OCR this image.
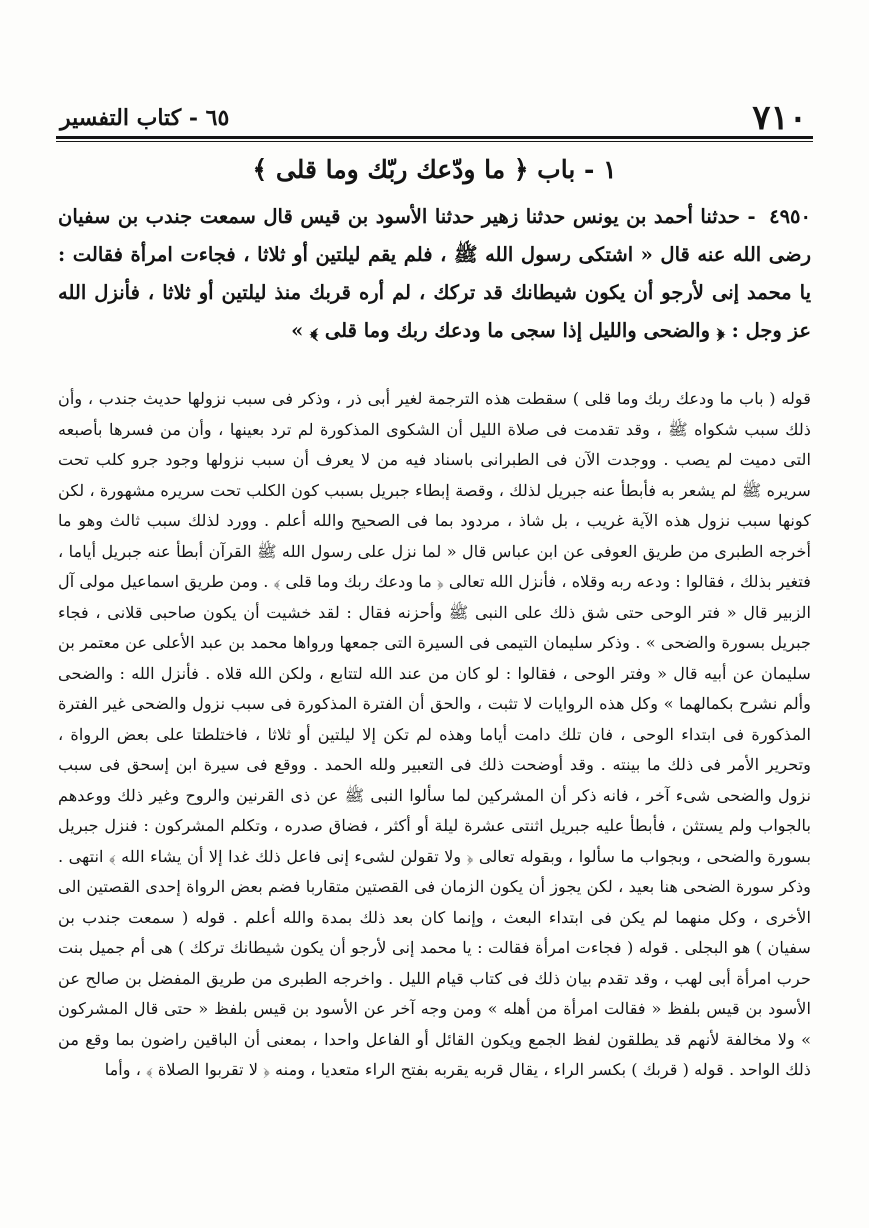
٧١٠
٦٥ - كتاب التفسير
١ - باب ﴿ ما ودّعك ربّك وما قلى ﴾
٤٩٥٠ - حدثنا أحمد بن يونس حدثنا زهير حدثنا الأسود بن قيس قال سمعت جندب بن سفيان رضى الله عنه قال « اشتكى رسول الله ﷺ ، فلم يقم ليلتين أو ثلاثا ، فجاءت امرأة فقالت : يا محمد إنى لأرجو أن يكون شيطانك قد تركك ، لم أره قربك منذ ليلتين أو ثلاثا ، فأنزل الله عز وجل : ﴿ والضحى والليل إذا سجى ما ودعك ربك وما قلى ﴾ »

قوله ( باب ما ودعك ربك وما قلى ) سقطت هذه الترجمة لغير أبى ذر ، وذكر فى سبب نزولها حديث جندب ، وأن ذلك سبب شكواه ﷺ ، وقد تقدمت فى صلاة الليل أن الشكوى المذكورة لم ترد بعينها ، وأن من فسرها بأصبعه التى دميت لم يصب . ووجدت الآن فى الطبرانى باسناد فيه من لا يعرف أن سبب نزولها وجود جرو كلب تحت سريره ﷺ لم يشعر به فأبطأ عنه جبريل لذلك ، وقصة إبطاء جبريل بسبب كون الكلب تحت سريره مشهورة ، لكن كونها سبب نزول هذه الآية غريب ، بل شاذ ، مردود بما فى الصحيح والله أعلم . وورد لذلك سبب ثالث وهو ما أخرجه الطبرى من طريق العوفى عن ابن عباس قال « لما نزل على رسول الله ﷺ القرآن أبطأ عنه جبريل أياما ، فتغير بذلك ، فقالوا : ودعه ربه وقلاه ، فأنزل الله تعالى ﴿ ما ودعك ربك وما قلى ﴾ . ومن طريق اسماعيل مولى آل الزبير قال « فتر الوحى حتى شق ذلك على النبى ﷺ وأحزنه فقال : لقد خشيت أن يكون صاحبى قلانى ، فجاء جبريل بسورة والضحى » . وذكر سليمان التيمى فى السيرة التى جمعها ورواها محمد بن عبد الأعلى عن معتمر بن سليمان عن أبيه قال « وفتر الوحى ، فقالوا : لو كان من عند الله لتتابع ، ولكن الله قلاه . فأنزل الله : والضحى وألم نشرح بكمالهما » وكل هذه الروايات لا تثبت ، والحق أن الفترة المذكورة فى سبب نزول والضحى غير الفترة المذكورة فى ابتداء الوحى ، فان تلك دامت أياما وهذه لم تكن إلا ليلتين أو ثلاثا ، فاختلطتا على بعض الرواة ، وتحرير الأمر فى ذلك ما بينته . وقد أوضحت ذلك فى التعبير ولله الحمد . ووقع فى سيرة ابن إسحق فى سبب نزول والضحى شىء آخر ، فانه ذكر أن المشركين لما سألوا النبى ﷺ عن ذى القرنين والروح وغير ذلك ووعدهم بالجواب ولم يستثن ، فأبطأ عليه جبريل اثنتى عشرة ليلة أو أكثر ، فضاق صدره ، وتكلم المشركون : فنزل جبريل بسورة والضحى ، وبجواب ما سألوا ، وبقوله تعالى ﴿ ولا تقولن لشىء إنى فاعل ذلك غدا إلا أن يشاء الله ﴾ انتهى . وذكر سورة الضحى هنا بعيد ، لكن يجوز أن يكون الزمان فى القصتين متقاربا فضم بعض الرواة إحدى القصتين الى الأخرى ، وكل منهما لم يكن فى ابتداء البعث ، وإنما كان بعد ذلك بمدة والله أعلم . قوله ( سمعت جندب بن سفيان ) هو البجلى . قوله ( فجاءت امرأة فقالت : يا محمد إنى لأرجو أن يكون شيطانك تركك ) هى أم جميل بنت حرب امرأة أبى لهب ، وقد تقدم بيان ذلك فى كتاب قيام الليل . واخرجه الطبرى من طريق المفضل بن صالح عن الأسود بن قيس بلفظ « فقالت امرأة من أهله » ومن وجه آخر عن الأسود بن قيس بلفظ « حتى قال المشركون » ولا مخالفة لأنهم قد يطلقون لفظ الجمع ويكون القائل أو الفاعل واحدا ، بمعنى أن الباقين راضون بما وقع من ذلك الواحد . قوله ( قربك ) بكسر الراء ، يقال قربه يقربه بفتح الراء متعديا ، ومنه ﴿ لا تقربوا الصلاة ﴾ ، وأما
